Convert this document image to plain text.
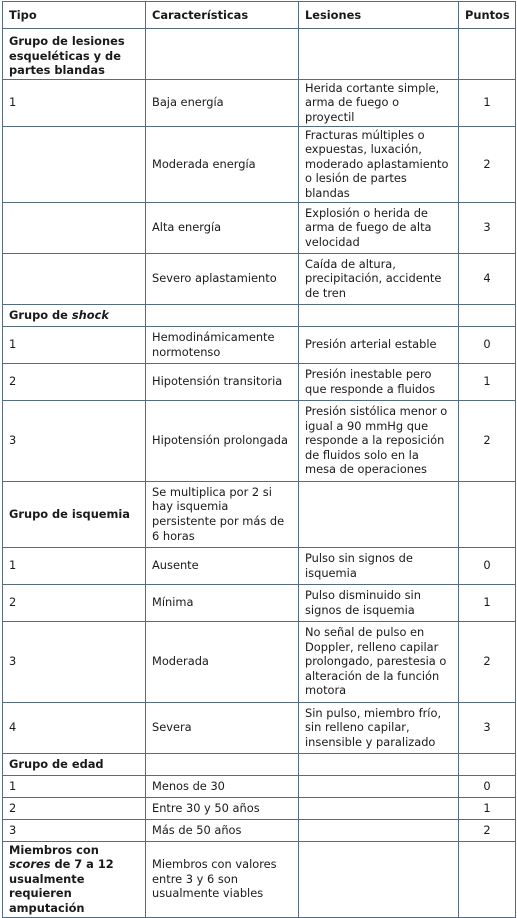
Tipo	Características	Lesiones	Puntos
Grupo de lesiones esqueléticas y de partes blandas			
1	Baja energía	Herida cortante simple, arma de fuego o proyectil	1
	Moderada energía	Fracturas múltiples o expuestas, luxación, moderado aplastamiento o lesión de partes blandas	2
	Alta energía	Explosión o herida de arma de fuego de alta velocidad	3
	Severo aplastamiento	Caída de altura, precipitación, accidente de tren	4
Grupo de shock			
1	Hemodinámicamente normotenso	Presión arterial estable	0
2	Hipotensión transitoria	Presión inestable pero que responde a fluidos	1
3	Hipotensión prolongada	Presión sistólica menor o igual a 90 mmHg que responde a la reposición de fluidos solo en la mesa de operaciones	2
Grupo de isquemia	Se multiplica por 2 si hay isquemia persistente por más de 6 horas		
1	Ausente	Pulso sin signos de isquemia	0
2	Mínima	Pulso disminuido sin signos de isquemia	1
3	Moderada	No señal de pulso en Doppler, relleno capilar prolongado, parestesia o alteración de la función motora	2
4	Severa	Sin pulso, miembro frío, sin relleno capilar, insensible y paralizado	3
Grupo de edad			
1	Menos de 30		0
2	Entre 30 y 50 años		1
3	Más de 50 años		2
Miembros con scores de 7 a 12 usualmente requieren amputación	Miembros con valores entre 3 y 6 son usualmente viables		
